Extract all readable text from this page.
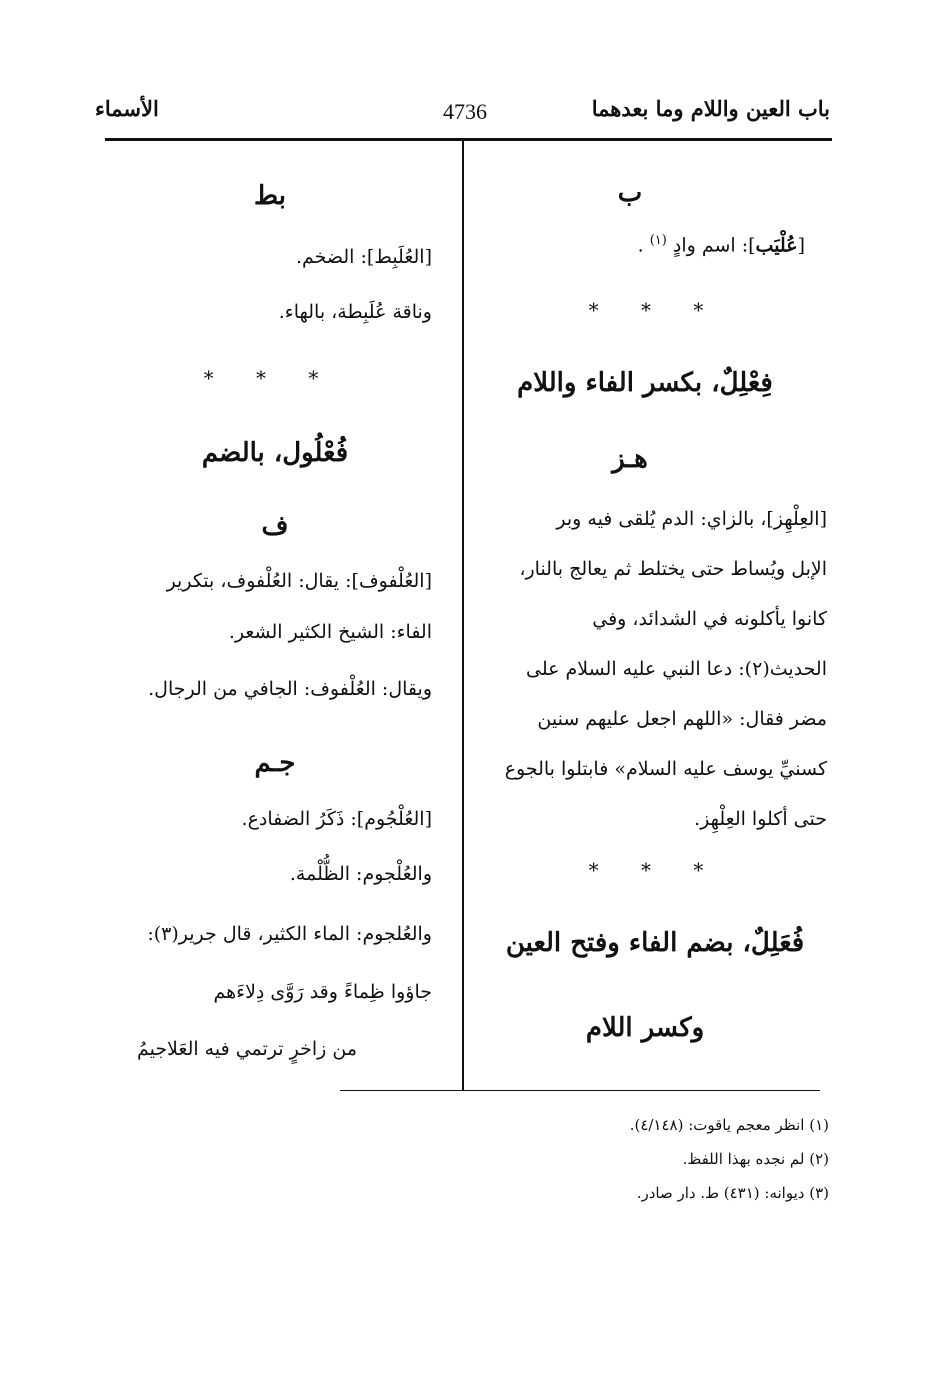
باب العين واللام وما بعدهما
4736
الأسماء
ب
[عُلْيَب]: اسم وادٍ $^{(١)}$ .
* * *
فِعْلِلٌ، بكسر الفاء واللام
هـز
[العِلْهِز]، بالزاي: الدم يُلقى فيه وبر
الإبل ويُساط حتى يختلط ثم يعالج بالنار،
كانوا يأكلونه في الشدائد، وفي
الحديث(٢): دعا النبي عليه السلام على
مضر فقال: «اللهم اجعل عليهم سنين
كسنيِّ يوسف عليه السلام» فابتلوا بالجوع
حتى أكلوا العِلْهِز.
* * *
فُعَلِلٌ، بضم الفاء وفتح العين
وكسر اللام
بط
[العُلَبِط]: الضخم.
وناقة عُلَبِطة، بالهاء.
* * *
فُعْلُول، بالضم
ف
[العُلْفوف]: يقال: العُلْفوف، بتكرير
الفاء: الشيخ الكثير الشعر.
ويقال: العُلْفوف: الجافي من الرجال.
جـم
[العُلْجُوم]: ذَكَرُ الضفادع.
والعُلْجوم: الظُّلْمة.
والعُلجوم: الماء الكثير، قال جرير(٣):
جاؤوا ظِماءً وقد رَوَّى دِلاءَهم
من زاخرٍ ترتمي فيه العَلاجيمُ
(١) انظر معجم ياقوت: (٤/١٤٨).
(٢) لم نجده بهذا اللفظ.
(٣) ديوانه: (٤٣١) ط. دار صادر.
